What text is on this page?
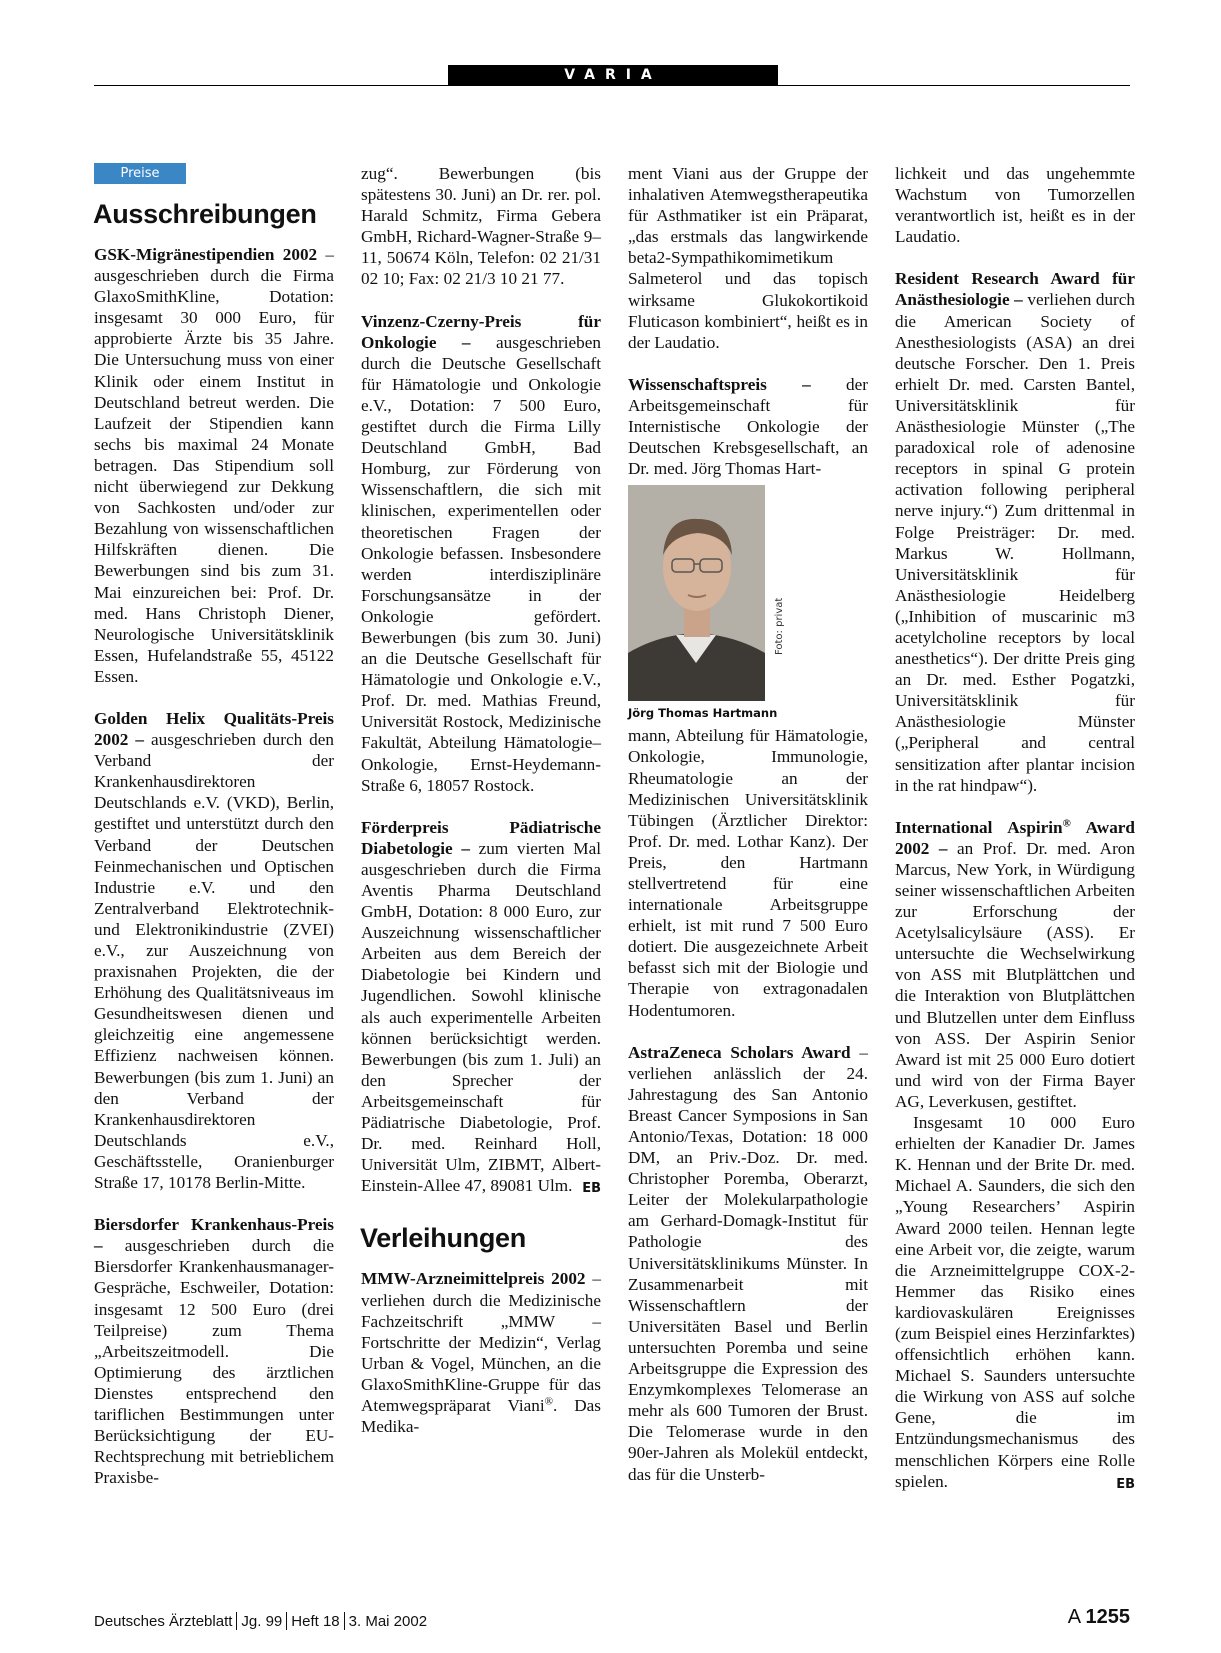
VARIA
Preise
Ausschreibungen

GSK-Migränestipendien 2002 – ausgeschrieben durch die Firma GlaxoSmithKline, Dotation: insgesamt 30 000 Euro, für approbierte Ärzte bis 35 Jahre. Die Untersuchung muss von einer Klinik oder einem Institut in Deutschland betreut werden. Die Laufzeit der Stipendien kann sechs bis maximal 24 Monate betragen. Das Stipendium soll nicht überwiegend zur Dekkung von Sachkosten und/oder zur Bezahlung von wissenschaftlichen Hilfskräften dienen. Die Bewerbungen sind bis zum 31. Mai einzureichen bei: Prof. Dr. med. Hans Christoph Diener, Neurologische Universitätsklinik Essen, Hufelandstraße 55, 45122 Essen.

Golden Helix Qualitäts-Preis 2002 – ausgeschrieben durch den Verband der Krankenhausdirektoren Deutschlands e.V. (VKD), Berlin, gestiftet und unterstützt durch den Verband der Deutschen Feinmechanischen und Optischen Industrie e.V. und den Zentralverband Elektrotechnik- und Elektronikindustrie (ZVEI) e.V., zur Auszeichnung von praxisnahen Projekten, die der Erhöhung des Qualitätsniveaus im Gesundheitswesen dienen und gleichzeitig eine angemessene Effizienz nachweisen können. Bewerbungen (bis zum 1. Juni) an den Verband der Krankenhausdirektoren Deutschlands e.V., Geschäftsstelle, Oranienburger Straße 17, 10178 Berlin-Mitte.

Biersdorfer Krankenhaus-Preis – ausgeschrieben durch die Biersdorfer Krankenhausmanager-Gespräche, Eschweiler, Dotation: insgesamt 12 500 Euro (drei Teilpreise) zum Thema „Arbeitszeitmodell. Die Optimierung des ärztlichen Dienstes entsprechend den tariflichen Bestimmungen unter Berücksichtigung der EU-Rechtsprechung mit betrieblichem Praxisbe-

zug“. Bewerbungen (bis spätestens 30. Juni) an Dr. rer. pol. Harald Schmitz, Firma Gebera GmbH, Richard-Wagner-Straße 9–11, 50674 Köln, Telefon: 02 21/31 02 10; Fax: 02 21/3 10 21 77.

Vinzenz-Czerny-Preis für Onkologie – ausgeschrieben durch die Deutsche Gesellschaft für Hämatologie und Onkologie e.V., Dotation: 7 500 Euro, gestiftet durch die Firma Lilly Deutschland GmbH, Bad Homburg, zur Förderung von Wissenschaftlern, die sich mit klinischen, experimentellen oder theoretischen Fragen der Onkologie befassen. Insbesondere werden interdisziplinäre Forschungsansätze in der Onkologie gefördert. Bewerbungen (bis zum 30. Juni) an die Deutsche Gesellschaft für Hämatologie und Onkologie e.V., Prof. Dr. med. Mathias Freund, Universität Rostock, Medizinische Fakultät, Abteilung Hämatologie–Onkologie, Ernst-Heydemann-Straße 6, 18057 Rostock.

Förderpreis Pädiatrische Diabetologie – zum vierten Mal ausgeschrieben durch die Firma Aventis Pharma Deutschland GmbH, Dotation: 8 000 Euro, zur Auszeichnung wissenschaftlicher Arbeiten aus dem Bereich der Diabetologie bei Kindern und Jugendlichen. Sowohl klinische als auch experimentelle Arbeiten können berücksichtigt werden. Bewerbungen (bis zum 1. Juli) an den Sprecher der Arbeitsgemeinschaft für Pädiatrische Diabetologie, Prof. Dr. med. Reinhard Holl, Universität Ulm, ZIBMT, Albert-Einstein-Allee 47, 89081 Ulm. EB

Verleihungen

MMW-Arzneimittelpreis 2002 – verliehen durch die Medizinische Fachzeitschrift „MMW – Fortschritte der Medizin“, Verlag Urban & Vogel, München, an die GlaxoSmithKline-Gruppe für das Atemwegspräparat Viani®. Das Medika-

ment Viani aus der Gruppe der inhalativen Atemwegstherapeutika für Asthmatiker ist ein Präparat, „das erstmals das langwirkende beta2-Sympathikomimetikum Salmeterol und das topisch wirksame Glukokortikoid Fluticason kombiniert“, heißt es in der Laudatio.

Wissenschaftspreis – der Arbeitsgemeinschaft für Internistische Onkologie der Deutschen Krebsgesellschaft, an Dr. med. Jörg Thomas Hart-

Foto: privat
Jörg Thomas Hartmann

mann, Abteilung für Hämatologie, Onkologie, Immunologie, Rheumatologie an der Medizinischen Universitätsklinik Tübingen (Ärztlicher Direktor: Prof. Dr. med. Lothar Kanz). Der Preis, den Hartmann stellvertretend für eine internationale Arbeitsgruppe erhielt, ist mit rund 7 500 Euro dotiert. Die ausgezeichnete Arbeit befasst sich mit der Biologie und Therapie von extragonadalen Hodentumoren.

AstraZeneca Scholars Award – verliehen anlässlich der 24. Jahrestagung des San Antonio Breast Cancer Symposions in San Antonio/Texas, Dotation: 18 000 DM, an Priv.-Doz. Dr. med. Christopher Poremba, Oberarzt, Leiter der Molekularpathologie am Gerhard-Domagk-Institut für Pathologie des Universitätsklinikums Münster. In Zusammenarbeit mit Wissenschaftlern der Universitäten Basel und Berlin untersuchten Poremba und seine Arbeitsgruppe die Expression des Enzymkomplexes Telomerase an mehr als 600 Tumoren der Brust. Die Telomerase wurde in den 90er-Jahren als Molekül entdeckt, das für die Unsterb-

lichkeit und das ungehemmte Wachstum von Tumorzellen verantwortlich ist, heißt es in der Laudatio.

Resident Research Award für Anästhesiologie – verliehen durch die American Society of Anesthesiologists (ASA) an drei deutsche Forscher. Den 1. Preis erhielt Dr. med. Carsten Bantel, Universitätsklinik für Anästhesiologie Münster („The paradoxical role of adenosine receptors in spinal G protein activation following peripheral nerve injury.“) Zum drittenmal in Folge Preisträger: Dr. med. Markus W. Hollmann, Universitätsklinik für Anästhesiologie Heidelberg („Inhibition of muscarinic m3 acetylcholine receptors by local anesthetics“). Der dritte Preis ging an Dr. med. Esther Pogatzki, Universitätsklinik für Anästhesiologie Münster („Peripheral and central sensitization after plantar incision in the rat hindpaw“).

International Aspirin® Award 2002 – an Prof. Dr. med. Aron Marcus, New York, in Würdigung seiner wissenschaftlichen Arbeiten zur Erforschung der Acetylsalicylsäure (ASS). Er untersuchte die Wechselwirkung von ASS mit Blutplättchen und die Interaktion von Blutplättchen und Blutzellen unter dem Einfluss von ASS. Der Aspirin Senior Award ist mit 25 000 Euro dotiert und wird von der Firma Bayer AG, Leverkusen, gestiftet.

Insgesamt 10 000 Euro erhielten der Kanadier Dr. James K. Hennan und der Brite Dr. med. Michael A. Saunders, die sich den „Young Researchers’ Aspirin Award 2000 teilen. Hennan legte eine Arbeit vor, die zeigte, warum die Arzneimittelgruppe COX-2-Hemmer das Risiko eines kardiovaskulären Ereignisses (zum Beispiel eines Herzinfarktes) offensichtlich erhöhen kann. Michael S. Saunders untersuchte die Wirkung von ASS auf solche Gene, die im Entzündungsmechanismus des menschlichen Körpers eine Rolle spielen.	EB

Deutsches Ärzteblatt Jg. 99 Heft 18 3. Mai 2002	A 1255
